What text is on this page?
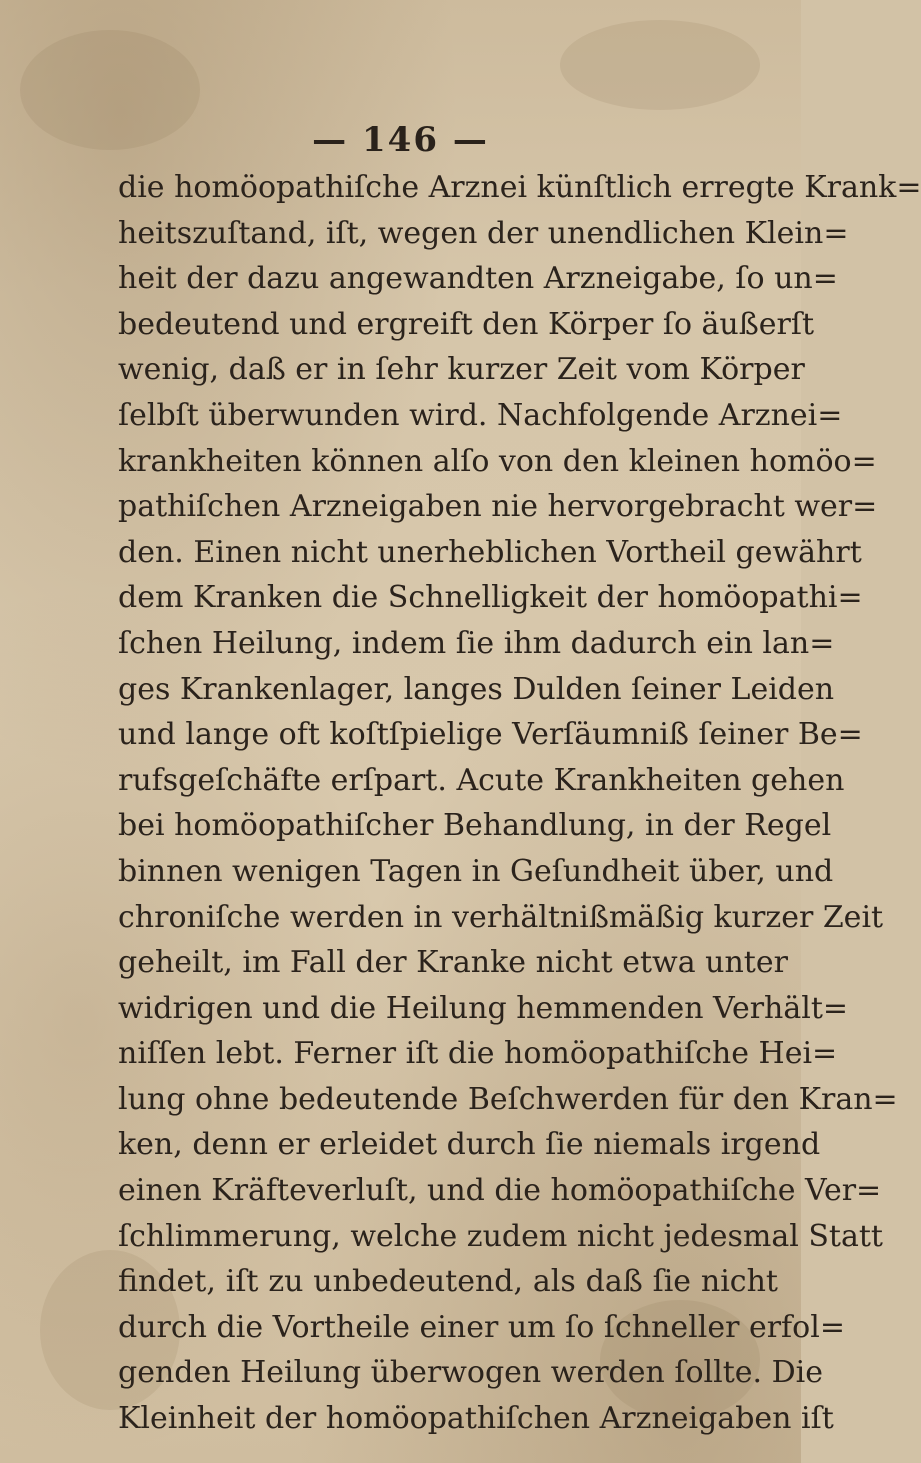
— 146 —
die homöopathiſche Arznei künſtlich erregte Krank=
heitszuſtand, iſt, wegen der unendlichen Klein=
heit der dazu angewandten Arzneigabe, ſo un=
bedeutend und ergreift den Körper ſo äußerſt
wenig, daß er in ſehr kurzer Zeit vom Körper
ſelbſt überwunden wird. Nachfolgende Arznei=
krankheiten können alſo von den kleinen homöo=
pathiſchen Arzneigaben nie hervorgebracht wer=
den. Einen nicht unerheblichen Vortheil gewährt
dem Kranken die Schnelligkeit der homöopathi=
ſchen Heilung, indem ſie ihm dadurch ein lan=
ges Krankenlager, langes Dulden ſeiner Leiden
und lange oft koſtſpielige Verſäumniß ſeiner Be=
rufsgeſchäfte erſpart. Acute Krankheiten gehen
bei homöopathiſcher Behandlung, in der Regel
binnen wenigen Tagen in Geſundheit über, und
chroniſche werden in verhältnißmäßig kurzer Zeit
geheilt, im Fall der Kranke nicht etwa unter
widrigen und die Heilung hemmenden Verhält=
niſſen lebt. Ferner iſt die homöopathiſche Hei=
lung ohne bedeutende Beſchwerden für den Kran=
ken, denn er erleidet durch ſie niemals irgend
einen Kräfteverluſt, und die homöopathiſche Ver=
ſchlimmerung, welche zudem nicht jedesmal Statt
findet, iſt zu unbedeutend, als daß ſie nicht
durch die Vortheile einer um ſo ſchneller erfol=
genden Heilung überwogen werden ſollte. Die
Kleinheit der homöopathiſchen Arzneigaben iſt
